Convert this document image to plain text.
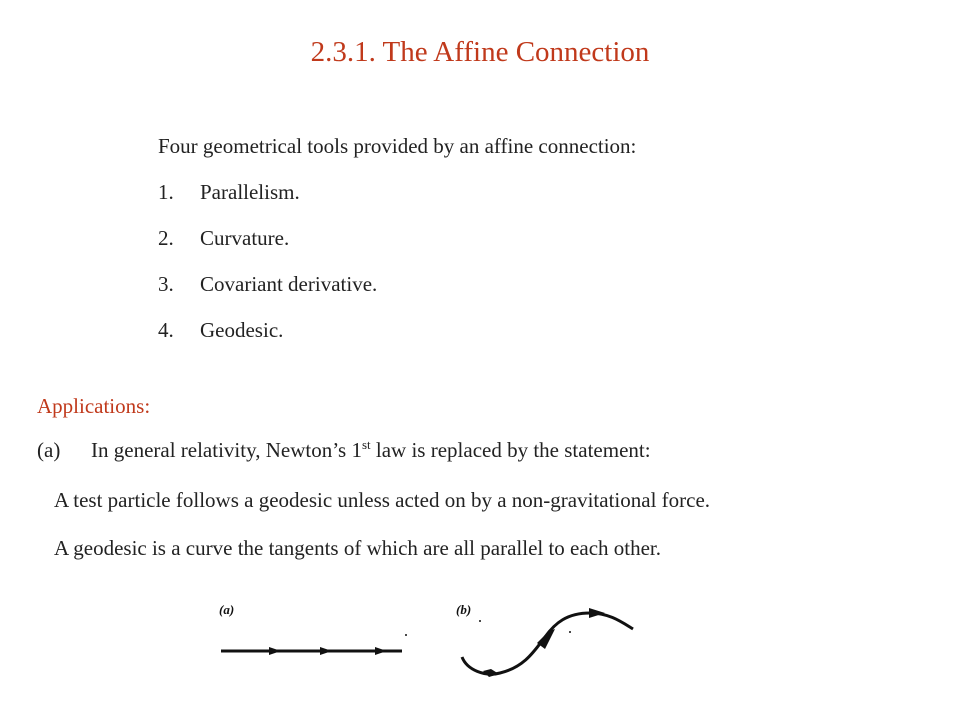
2.3.1. The Affine Connection
Four geometrical tools provided by an affine connection:
1.	Parallelism.
2.	Curvature.
3.	Covariant derivative.
4.	Geodesic.
Applications:
(a)	In general relativity, Newton’s 1st law is replaced by the statement:
A test particle follows a geodesic unless acted on by a non-gravitational force.
A geodesic is a curve the tangents of which are all parallel to each other.
(a)	(b)
